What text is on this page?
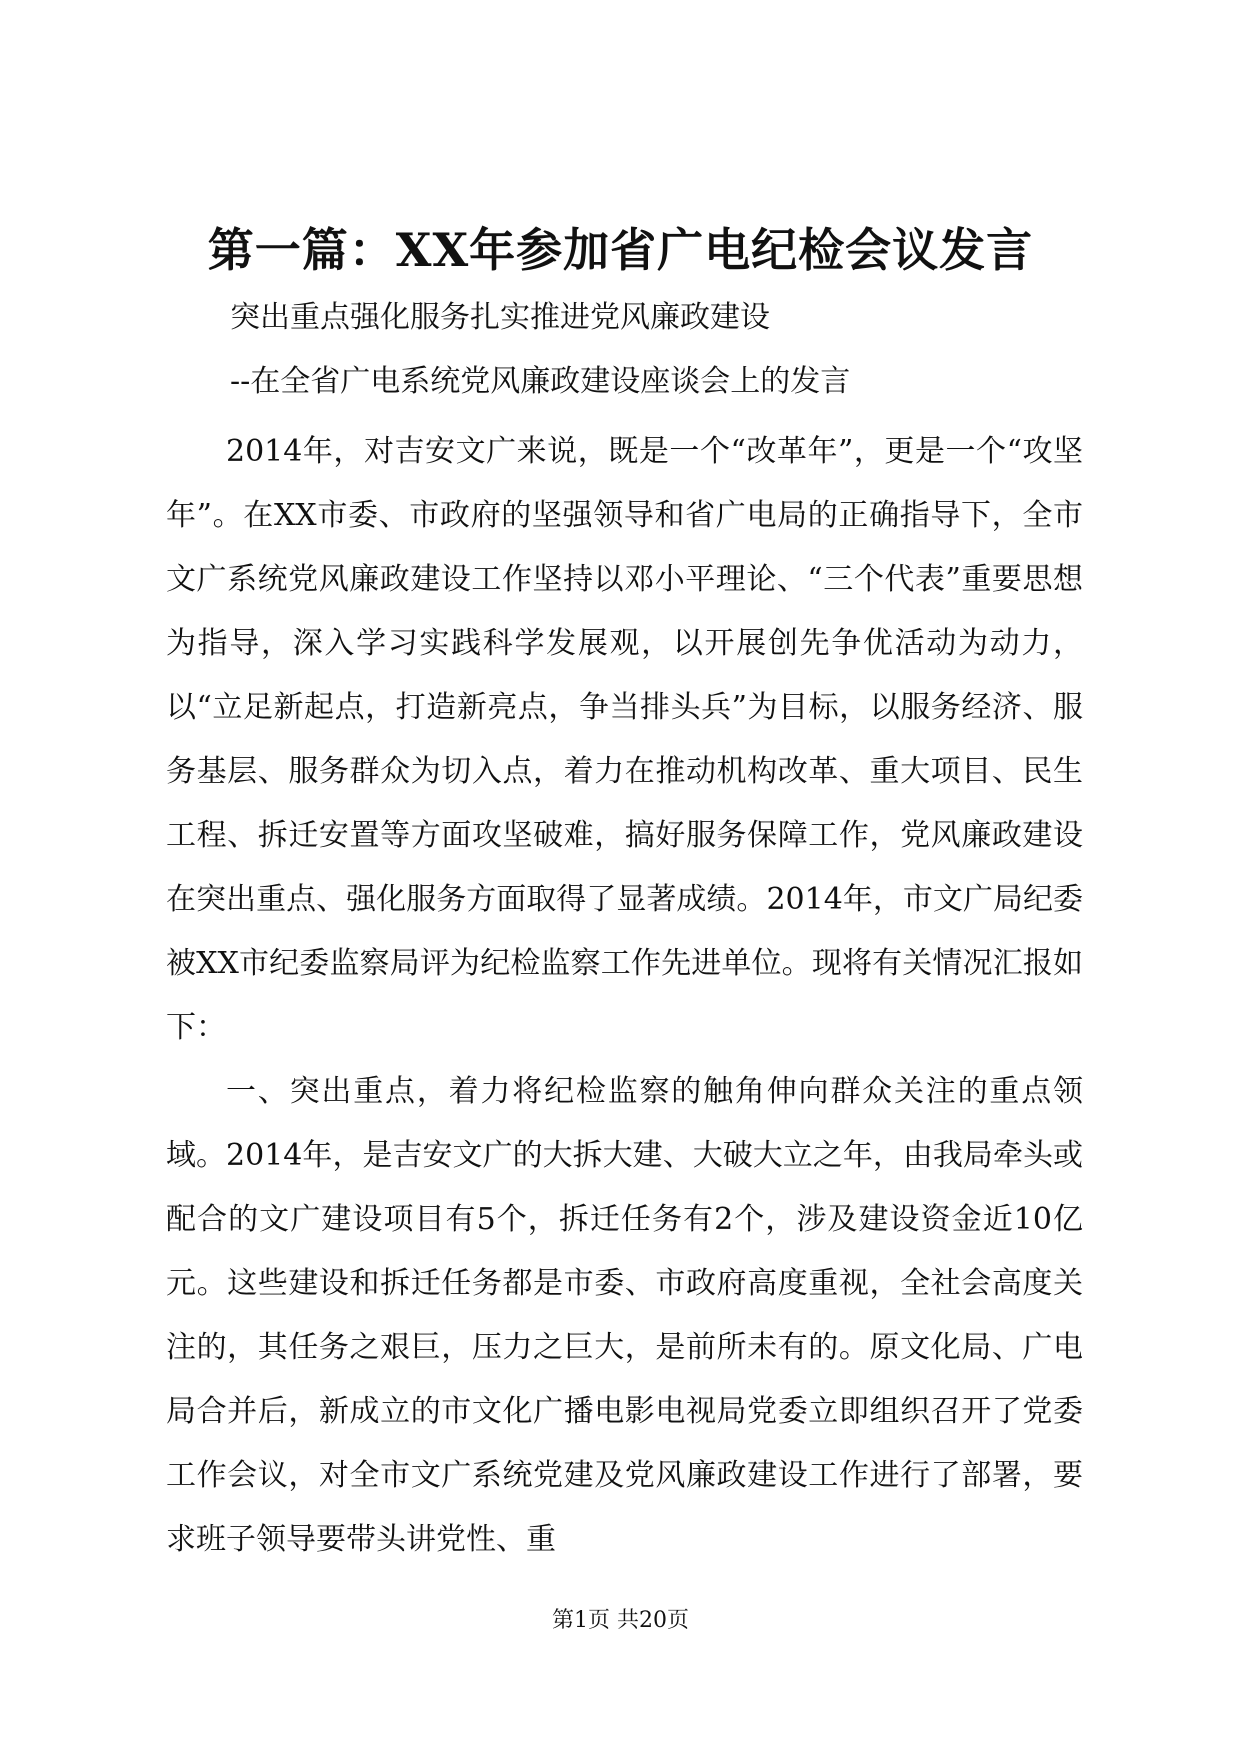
第一篇：XX年参加省广电纪检会议发言
突出重点强化服务扎实推进党风廉政建设
--在全省广电系统党风廉政建设座谈会上的发言

2014年，对吉安文广来说，既是一个“改革年”，更是一个“攻坚年”。在XX市委、市政府的坚强领导和省广电局的正确指导下，全市文广系统党风廉政建设工作坚持以邓小平理论、“三个代表”重要思想为指导，深入学习实践科学发展观，以开展创先争优活动为动力，以“立足新起点，打造新亮点，争当排头兵”为目标，以服务经济、服务基层、服务群众为切入点，着力在推动机构改革、重大项目、民生工程、拆迁安置等方面攻坚破难，搞好服务保障工作，党风廉政建设在突出重点、强化服务方面取得了显著成绩。2014年，市文广局纪委被XX市纪委监察局评为纪检监察工作先进单位。现将有关情况汇报如下：

一、突出重点，着力将纪检监察的触角伸向群众关注的重点领域。2014年，是吉安文广的大拆大建、大破大立之年，由我局牵头或配合的文广建设项目有5个，拆迁任务有2个，涉及建设资金近10亿元。这些建设和拆迁任务都是市委、市政府高度重视，全社会高度关注的，其任务之艰巨，压力之巨大，是前所未有的。原文化局、广电局合并后，新成立的市文化广播电影电视局党委立即组织召开了党委工作会议，对全市文广系统党建及党风廉政建设工作进行了部署，要求班子领导要带头讲党性、重

第1页 共20页
